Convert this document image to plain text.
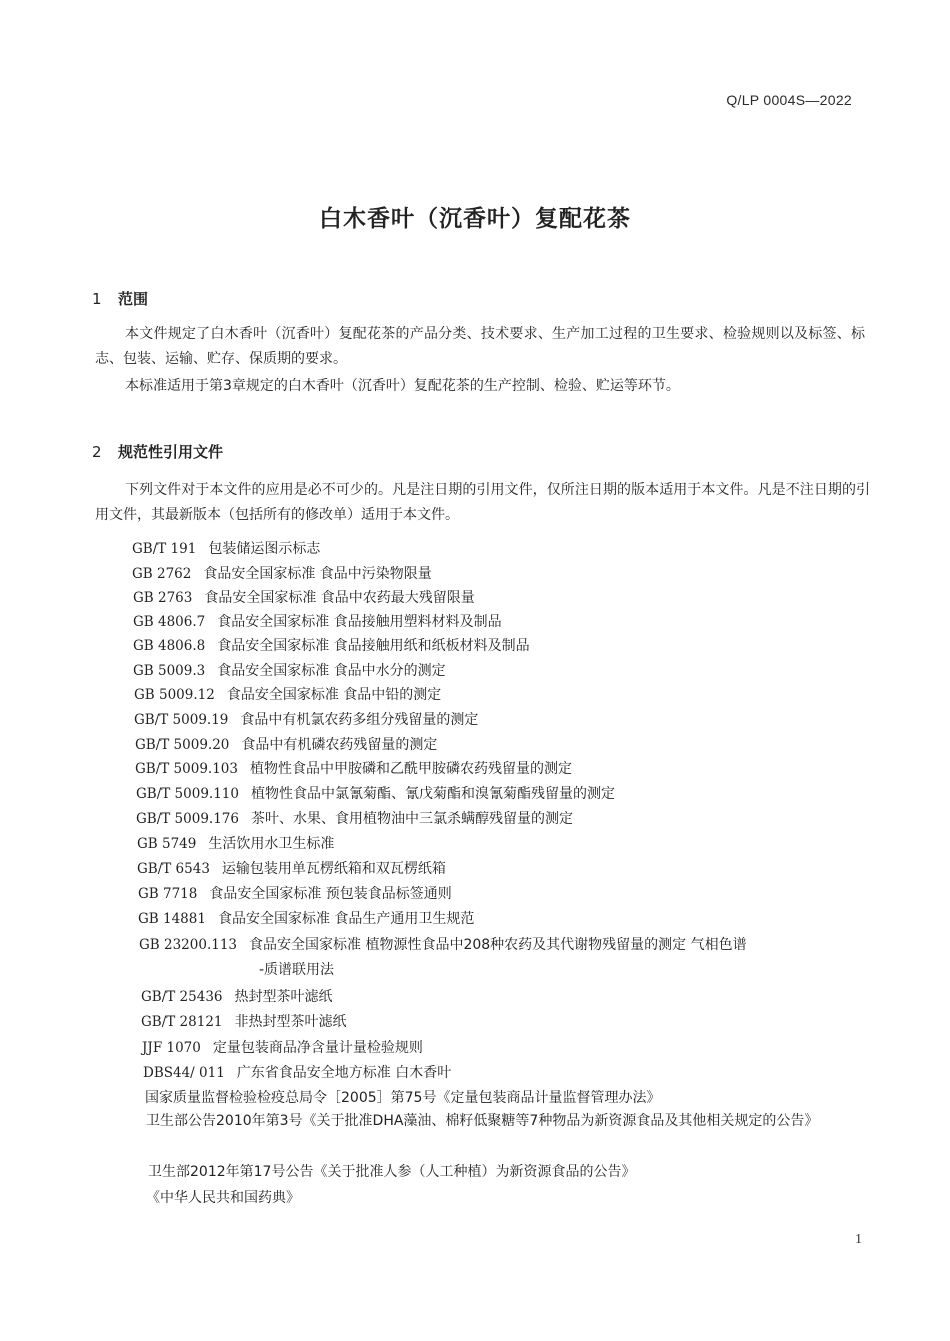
Q/LP 0004S—2022
白木香叶（沉香叶）复配花茶
1 范围
本文件规定了白木香叶（沉香叶）复配花茶的产品分类、技术要求、生产加工过程的卫生要求、检验规则以及标签、标志、包装、运输、贮存、保质期的要求。
本标准适用于第3章规定的白木香叶（沉香叶）复配花茶的生产控制、检验、贮运等环节。
2 规范性引用文件
下列文件对于本文件的应用是必不可少的。凡是注日期的引用文件，仅所注日期的版本适用于本文件。凡是不注日期的引用文件，其最新版本（包括所有的修改单）适用于本文件。
GB/T 191 包装储运图示标志
GB 2762 食品安全国家标准 食品中污染物限量
GB 2763 食品安全国家标准 食品中农药最大残留限量
GB 4806.7 食品安全国家标准 食品接触用塑料材料及制品
GB 4806.8 食品安全国家标准 食品接触用纸和纸板材料及制品
GB 5009.3 食品安全国家标准 食品中水分的测定
GB 5009.12 食品安全国家标准 食品中铅的测定
GB/T 5009.19 食品中有机氯农药多组分残留量的测定
GB/T 5009.20 食品中有机磷农药残留量的测定
GB/T 5009.103 植物性食品中甲胺磷和乙酰甲胺磷农药残留量的测定
GB/T 5009.110 植物性食品中氯氰菊酯、氰戊菊酯和溴氰菊酯残留量的测定
GB/T 5009.176 茶叶、水果、食用植物油中三氯杀螨醇残留量的测定
GB 5749 生活饮用水卫生标准
GB/T 6543 运输包装用单瓦楞纸箱和双瓦楞纸箱
GB 7718 食品安全国家标准 预包装食品标签通则
GB 14881 食品安全国家标准 食品生产通用卫生规范
GB 23200.113 食品安全国家标准 植物源性食品中208种农药及其代谢物残留量的测定 气相色谱
-质谱联用法
GB/T 25436 热封型茶叶滤纸
GB/T 28121 非热封型茶叶滤纸
JJF 1070 定量包装商品净含量计量检验规则
DBS44/ 011 广东省食品安全地方标准 白木香叶
国家质量监督检验检疫总局令［2005］第75号《定量包装商品计量监督管理办法》
卫生部公告2010年第3号《关于批准DHA藻油、棉籽低聚糖等7种物品为新资源食品及其他相关规定的公告》
卫生部2012年第17号公告《关于批准人参（人工种植）为新资源食品的公告》
《中华人民共和国药典》
1
